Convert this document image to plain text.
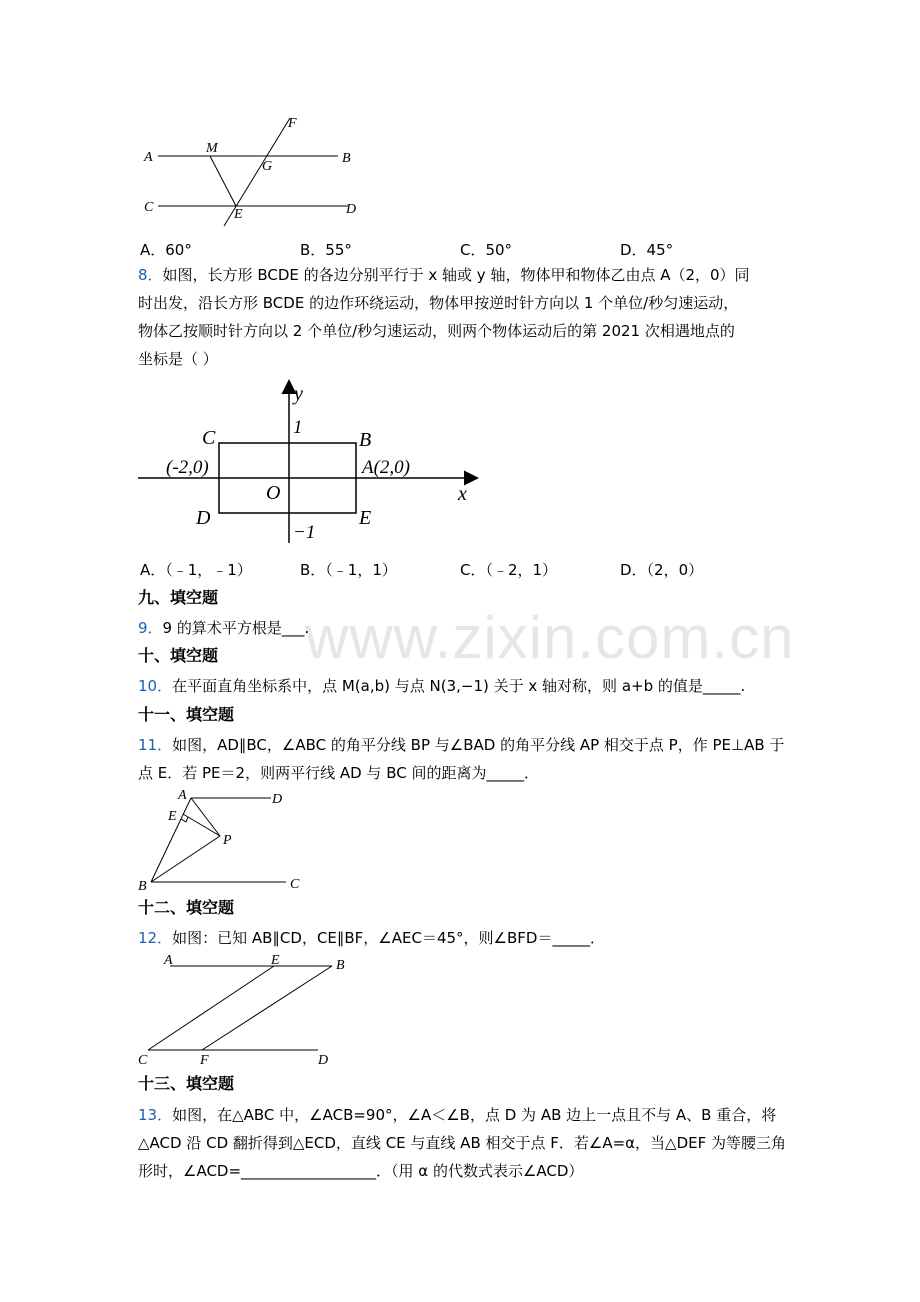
www.zixin.com.cn
A	B
C	D
M
G
E
F
A．60°	B．55°	C．50°	D．45°
8．如图，长方形 BCDE 的各边分别平行于 x 轴或 y 轴，物体甲和物体乙由点 A（2，0）同
时出发，沿长方形 BCDE 的边作环绕运动，物体甲按逆时针方向以 1 个单位/秒匀速运动，
物体乙按顺时针方向以 2 个单位/秒匀速运动，则两个物体运动后的第 2021 次相遇地点的
坐标是（ ）
y
x
1
−1
C	B
D	E
O
(-2,0)	A(2,0)
A．（﹣1，﹣1）	B．（﹣1，1）	C．（﹣2，1）	D．（2，0）
九、填空题
9．9 的算术平方根是___.
十、填空题
10．在平面直角坐标系中，点 M(a,b) 与点 N(3,−1) 关于 x 轴对称，则 a+b 的值是_____.
十一、填空题
11．如图，AD∥BC，∠ABC 的角平分线 BP 与∠BAD 的角平分线 AP 相交于点 P，作 PE⊥AB 于
点 E．若 PE＝2，则两平行线 AD 与 BC 间的距离为_____．
A	D
E
P
B	C
十二、填空题
12．如图：已知 AB∥CD，CE∥BF，∠AEC＝45°，则∠BFD＝_____．
A	E	B
C	F	D
十三、填空题
13．如图，在△ABC 中，∠ACB=90°，∠A＜∠B，点 D 为 AB 边上一点且不与 A、B 重合，将
△ACD 沿 CD 翻折得到△ECD，直线 CE 与直线 AB 相交于点 F．若∠A=α，当△DEF 为等腰三角
形时，∠ACD=__________________．（用 α 的代数式表示∠ACD）
